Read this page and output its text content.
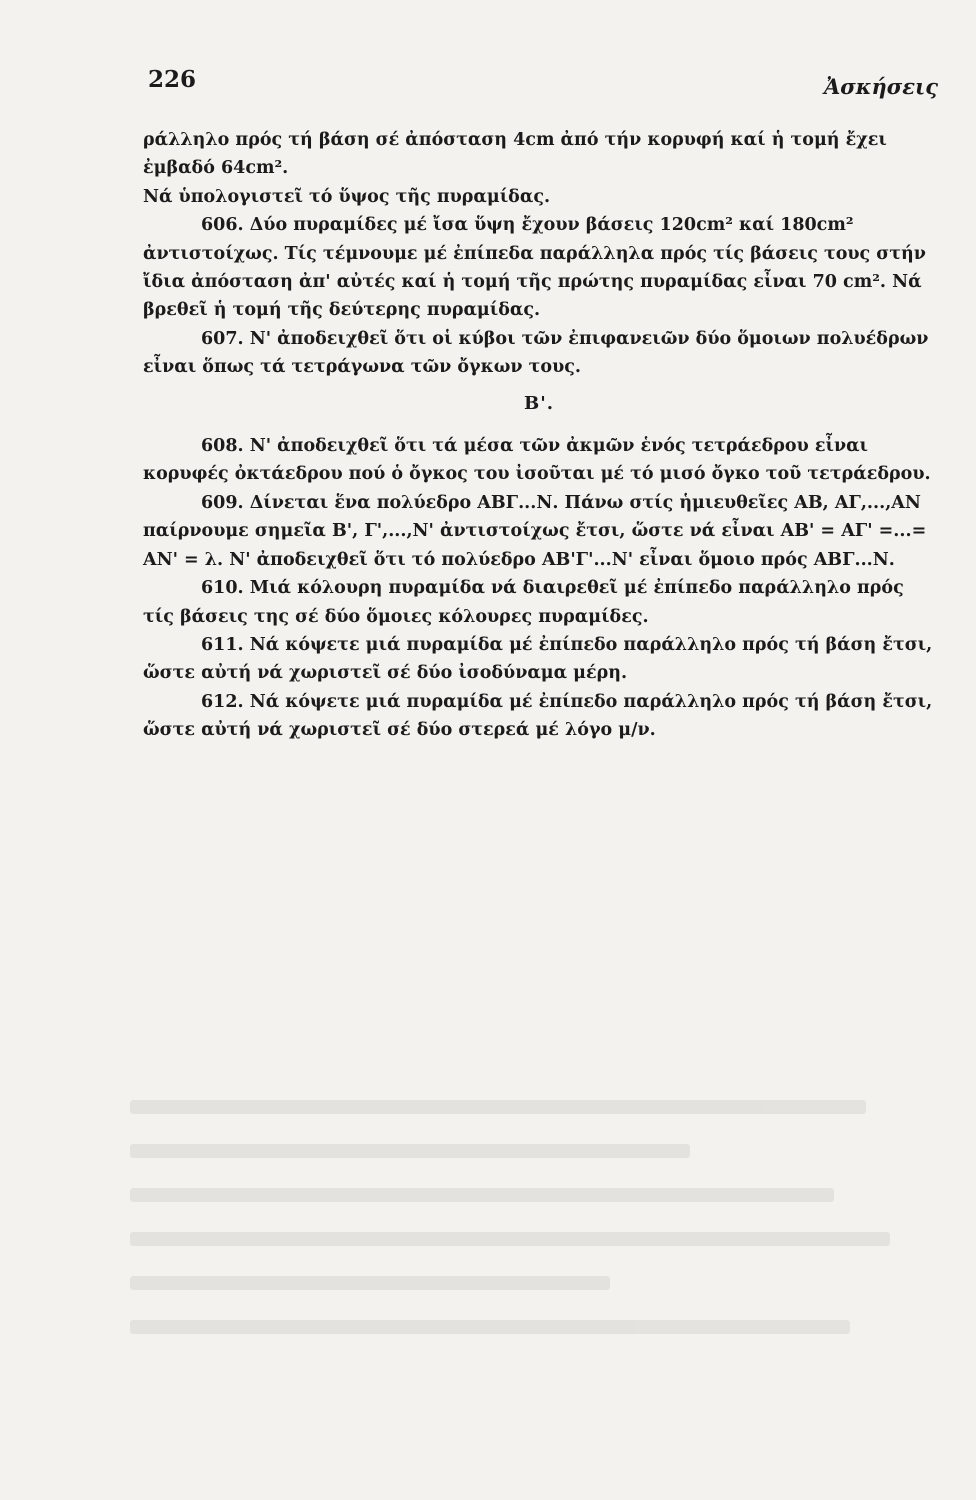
226	Ἀσκήσεις

ράλληλο πρός τή βάση σέ ἀπόσταση 4cm ἀπό τήν κορυφή καί ἡ τομή ἔχει ἐμβαδό 64cm².

Νά ὑπολογιστεῖ τό ὕψος τῆς πυραμίδας.

606. Δύο πυραμίδες μέ ἴσα ὕψη ἔχουν βάσεις 120cm² καί 180cm² ἀντιστοίχως. Τίς τέμνουμε μέ ἐπίπεδα παράλληλα πρός τίς βάσεις τους στήν ἴδια ἀπόσταση ἀπ' αὐτές καί ἡ τομή τῆς πρώτης πυραμίδας εἶναι 70 cm². Νά βρεθεῖ ἡ τομή τῆς δεύτερης πυραμίδας.

607. Ν' ἀποδειχθεῖ ὅτι οἱ κύβοι τῶν ἐπιφανειῶν δύο ὅμοιων πολυέδρων εἶναι ὅπως τά τετράγωνα τῶν ὄγκων τους.

Β'.

608. Ν' ἀποδειχθεῖ ὅτι τά μέσα τῶν ἀκμῶν ἑνός τετράεδρου εἶναι κορυφές ὀκτάεδρου πού ὁ ὄγκος του ἰσοῦται μέ τό μισό ὄγκο τοῦ τετράεδρου.

609. Δίνεται ἕνα πολύεδρο ΑΒΓ...Ν. Πάνω στίς ἡμιευθεῖες ΑΒ, ΑΓ,...,ΑΝ παίρνουμε σημεῖα Β', Γ',...,Ν' ἀντιστοίχως ἔτσι, ὥστε νά εἶναι ΑΒ' = ΑΓ' =...= ΑΝ' = λ. Ν' ἀποδειχθεῖ ὅτι τό πολύεδρο ΑΒ'Γ'...Ν' εἶναι ὅμοιο πρός ΑΒΓ...Ν.

610. Μιά κόλουρη πυραμίδα νά διαιρεθεῖ μέ ἐπίπεδο παράλληλο πρός τίς βάσεις της σέ δύο ὅμοιες κόλουρες πυραμίδες.

611. Νά κόψετε μιά πυραμίδα μέ ἐπίπεδο παράλληλο πρός τή βάση ἔτσι, ὥστε αὐτή νά χωριστεῖ σέ δύο ἰσοδύναμα μέρη.

612. Νά κόψετε μιά πυραμίδα μέ ἐπίπεδο παράλληλο πρός τή βάση ἔτσι, ὥστε αὐτή νά χωριστεῖ σέ δύο στερεά μέ λόγο μ/ν.
